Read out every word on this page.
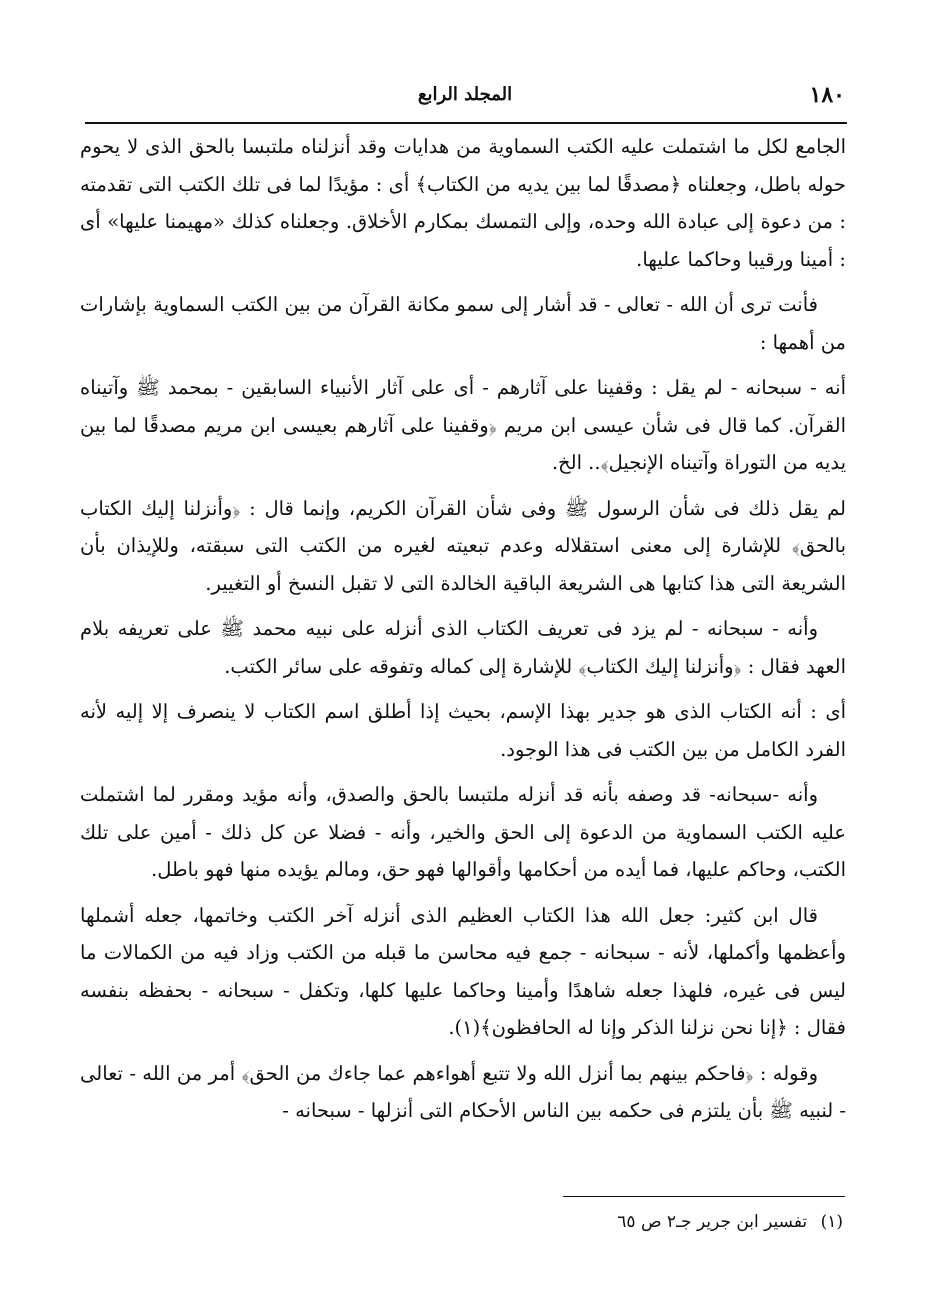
١٨٠
المجلد الرابع

الجامع لكل ما اشتملت عليه الكتب السماوية من هدايات وقد أنزلناه ملتبسا بالحق الذى لا يحوم حوله باطل، وجعلناه ﴿مصدقًا لما بين يديه من الكتاب﴾ أى : مؤيدًا لما فى تلك الكتب التى تقدمته : من دعوة إلى عبادة الله وحده، وإلى التمسك بمكارم الأخلاق. وجعلناه كذلك «مهيمنا عليها» أى : أمينا ورقيبا وحاكما عليها.

فأنت ترى أن الله - تعالى - قد أشار إلى سمو مكانة القرآن من بين الكتب السماوية بإشارات من أهمها :

أنه - سبحانه - لم يقل : وقفينا على آثارهم - أى على آثار الأنبياء السابقين - بمحمد ﷺ وآتيناه القرآن. كما قال فى شأن عيسى ابن مريم ﴿وقفينا على آثارهم بعيسى ابن مريم مصدقًا لما بين يديه من التوراة وآتيناه الإنجيل﴾.. الخ.

لم يقل ذلك فى شأن الرسول ﷺ وفى شأن القرآن الكريم، وإنما قال : ﴿وأنزلنا إليك الكتاب بالحق﴾ للإشارة إلى معنى استقلاله وعدم تبعيته لغيره من الكتب التى سبقته، وللإيذان بأن الشريعة التى هذا كتابها هى الشريعة الباقية الخالدة التى لا تقبل النسخ أو التغيير.

وأنه - سبحانه - لم يزد فى تعريف الكتاب الذى أنزله على نبيه محمد ﷺ على تعريفه بلام العهد فقال : ﴿وأنزلنا إليك الكتاب﴾ للإشارة إلى كماله وتفوقه على سائر الكتب.

أى : أنه الكتاب الذى هو جدير بهذا الإسم، بحيث إذا أطلق اسم الكتاب لا ينصرف إلا إليه لأنه الفرد الكامل من بين الكتب فى هذا الوجود.

وأنه -سبحانه- قد وصفه بأنه قد أنزله ملتبسا بالحق والصدق، وأنه مؤيد ومقرر لما اشتملت عليه الكتب السماوية من الدعوة إلى الحق والخير، وأنه - فضلا عن كل ذلك - أمين على تلك الكتب، وحاكم عليها، فما أيده من أحكامها وأقوالها فهو حق، ومالم يؤيده منها فهو باطل.

قال ابن كثير: جعل الله هذا الكتاب العظيم الذى أنزله آخر الكتب وخاتمها، جعله أشملها وأعظمها وأكملها، لأنه - سبحانه - جمع فيه محاسن ما قبله من الكتب وزاد فيه من الكمالات ما ليس فى غيره، فلهذا جعله شاهدًا وأمينا وحاكما عليها كلها، وتكفل - سبحانه - بحفظه بنفسه فقال : ﴿إنا نحن نزلنا الذكر وإنا له الحافظون﴾(١).

وقوله : ﴿فاحكم بينهم بما أنزل الله ولا تتبع أهواءهم عما جاءك من الحق﴾ أمر من الله - تعالى - لنبيه ﷺ بأن يلتزم فى حكمه بين الناس الأحكام التى أنزلها - سبحانه -

(١) تفسير ابن جرير جـ٢ ص ٦٥
